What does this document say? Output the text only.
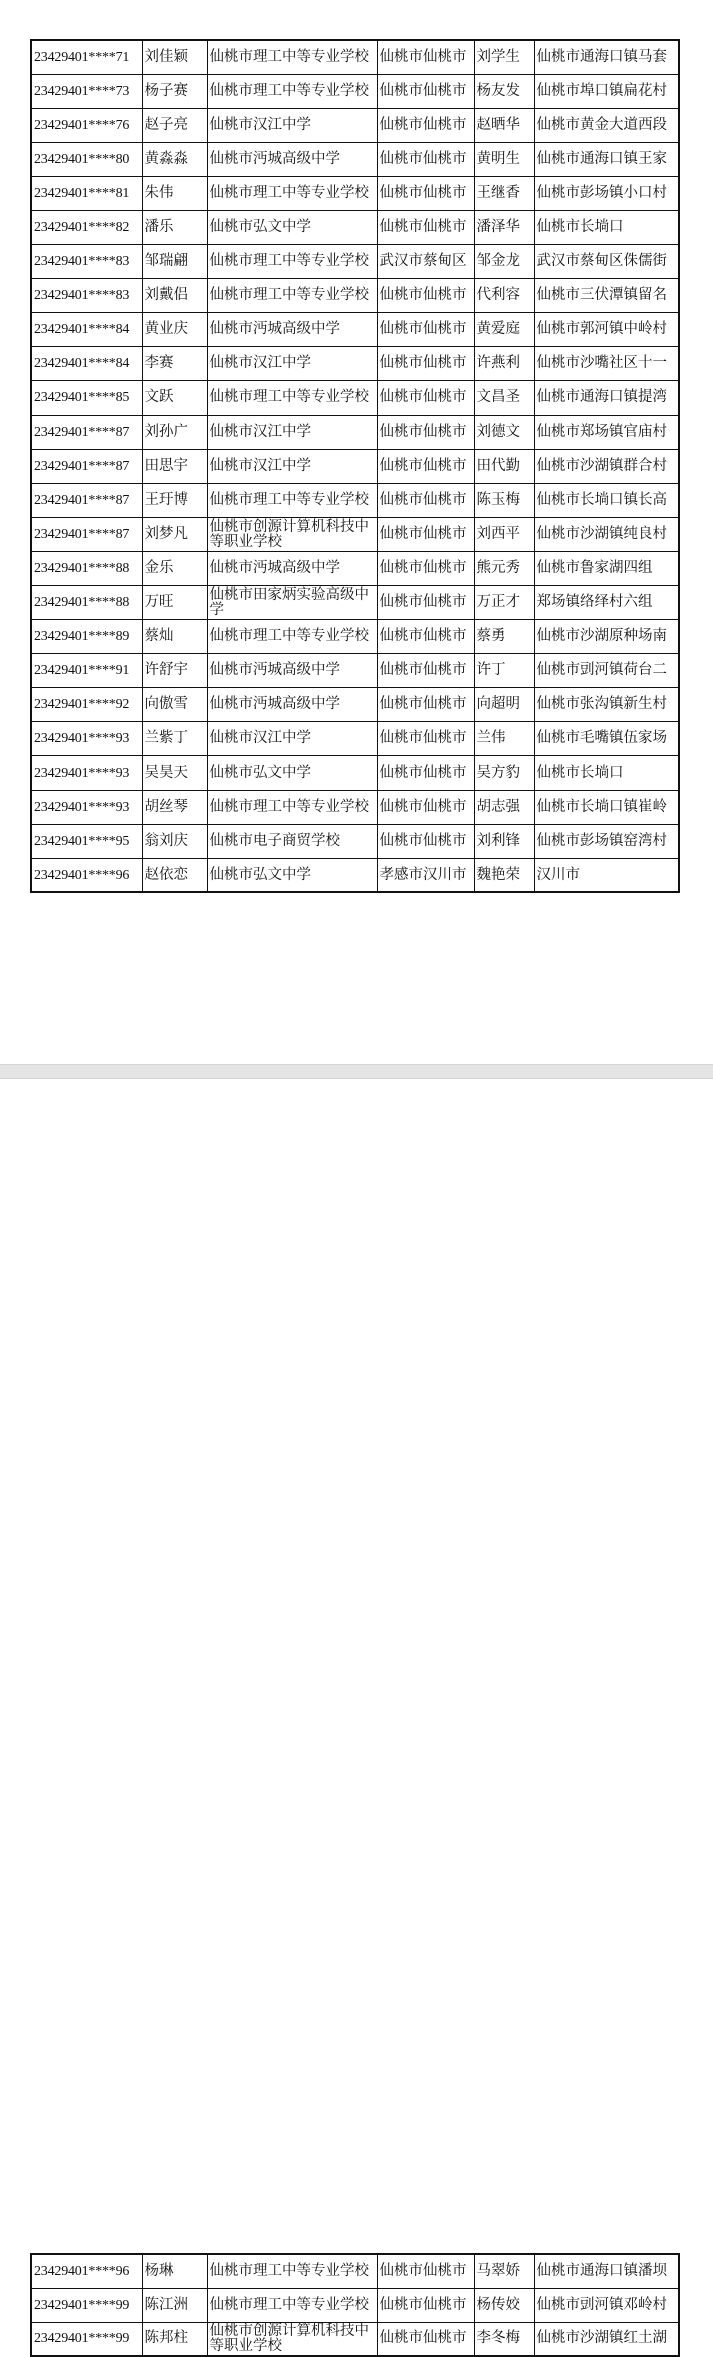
23429401****71	刘佳颖	仙桃市理工中等专业学校	仙桃市仙桃市	刘学生	仙桃市通海口镇马套
23429401****73	杨子赛	仙桃市理工中等专业学校	仙桃市仙桃市	杨友发	仙桃市埠口镇扁花村
23429401****76	赵子亮	仙桃市汉江中学	仙桃市仙桃市	赵晒华	仙桃市黄金大道西段
23429401****80	黄淼淼	仙桃市沔城高级中学	仙桃市仙桃市	黄明生	仙桃市通海口镇王家
23429401****81	朱伟	仙桃市理工中等专业学校	仙桃市仙桃市	王继香	仙桃市彭场镇小口村
23429401****82	潘乐	仙桃市弘文中学	仙桃市仙桃市	潘泽华	仙桃市长埫口
23429401****83	邹瑞翩	仙桃市理工中等专业学校	武汉市蔡甸区	邹金龙	武汉市蔡甸区侏儒街
23429401****83	刘戴侣	仙桃市理工中等专业学校	仙桃市仙桃市	代利容	仙桃市三伏潭镇留名
23429401****84	黄业庆	仙桃市沔城高级中学	仙桃市仙桃市	黄爱庭	仙桃市郭河镇中岭村
23429401****84	李赛	仙桃市汉江中学	仙桃市仙桃市	许燕利	仙桃市沙嘴社区十一
23429401****85	文跃	仙桃市理工中等专业学校	仙桃市仙桃市	文昌圣	仙桃市通海口镇提湾
23429401****87	刘孙广	仙桃市汉江中学	仙桃市仙桃市	刘德文	仙桃市郑场镇官庙村
23429401****87	田思宇	仙桃市汉江中学	仙桃市仙桃市	田代勤	仙桃市沙湖镇群合村
23429401****87	王玗博	仙桃市理工中等专业学校	仙桃市仙桃市	陈玉梅	仙桃市长埫口镇长高
23429401****87	刘梦凡	仙桃市创源计算机科技中等职业学校	仙桃市仙桃市	刘西平	仙桃市沙湖镇纯良村
23429401****88	金乐	仙桃市沔城高级中学	仙桃市仙桃市	熊元秀	仙桃市鲁家湖四组
23429401****88	万旺	仙桃市田家炳实验高级中学	仙桃市仙桃市	万正才	郑场镇络绎村六组
23429401****89	蔡灿	仙桃市理工中等专业学校	仙桃市仙桃市	蔡勇	仙桃市沙湖原种场南
23429401****91	许舒宇	仙桃市沔城高级中学	仙桃市仙桃市	许丁	仙桃市剅河镇荷台二
23429401****92	向傲雪	仙桃市沔城高级中学	仙桃市仙桃市	向超明	仙桃市张沟镇新生村
23429401****93	兰紫丁	仙桃市汉江中学	仙桃市仙桃市	兰伟	仙桃市毛嘴镇伍家场
23429401****93	吴昊天	仙桃市弘文中学	仙桃市仙桃市	吴方豹	仙桃市长埫口
23429401****93	胡丝琴	仙桃市理工中等专业学校	仙桃市仙桃市	胡志强	仙桃市长埫口镇崔岭
23429401****95	翁刘庆	仙桃市电子商贸学校	仙桃市仙桃市	刘利锋	仙桃市彭场镇窑湾村
23429401****96	赵依恋	仙桃市弘文中学	孝感市汉川市	魏艳荣	汉川市
23429401****96	杨琳	仙桃市理工中等专业学校	仙桃市仙桃市	马翠娇	仙桃市通海口镇潘坝
23429401****99	陈江洲	仙桃市理工中等专业学校	仙桃市仙桃市	杨传姣	仙桃市剅河镇邓岭村
23429401****99	陈邦柱	仙桃市创源计算机科技中等职业学校	仙桃市仙桃市	李冬梅	仙桃市沙湖镇红土湖
